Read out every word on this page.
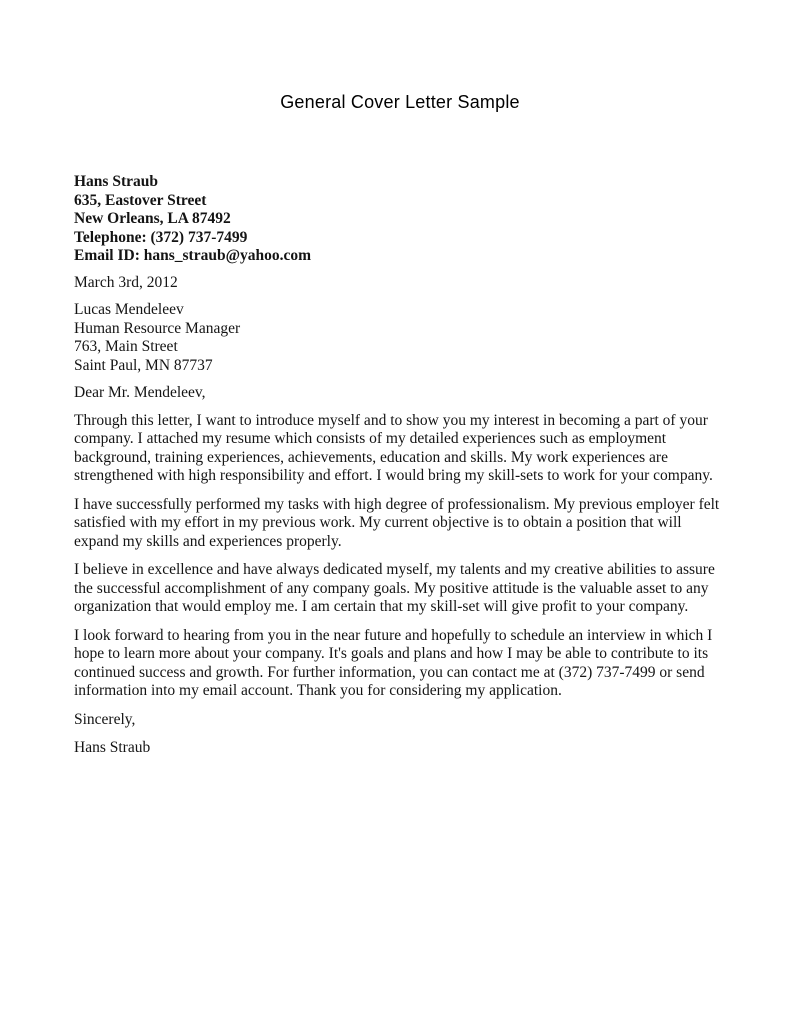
General Cover Letter Sample
Hans Straub
635, Eastover Street
New Orleans, LA 87492
Telephone: (372) 737-7499
Email ID: hans_straub@yahoo.com
March 3rd, 2012
Lucas Mendeleev
Human Resource Manager
763, Main Street
Saint Paul, MN 87737
Dear Mr. Mendeleev,

Through this letter, I want to introduce myself and to show you my interest in becoming a part of your company. I attached my resume which consists of my detailed experiences such as employment background, training experiences, achievements, education and skills. My work experiences are strengthened with high responsibility and effort. I would bring my skill-sets to work for your company.

I have successfully performed my tasks with high degree of professionalism. My previous employer felt satisfied with my effort in my previous work. My current objective is to obtain a position that will expand my skills and experiences properly.

I believe in excellence and have always dedicated myself, my talents and my creative abilities to assure the successful accomplishment of any company goals. My positive attitude is the valuable asset to any organization that would employ me. I am certain that my skill-set will give profit to your company.

I look forward to hearing from you in the near future and hopefully to schedule an interview in which I hope to learn more about your company. It's goals and plans and how I may be able to contribute to its continued success and growth. For further information, you can contact me at (372) 737-7499 or send information into my email account. Thank you for considering my application.

Sincerely,
Hans Straub
